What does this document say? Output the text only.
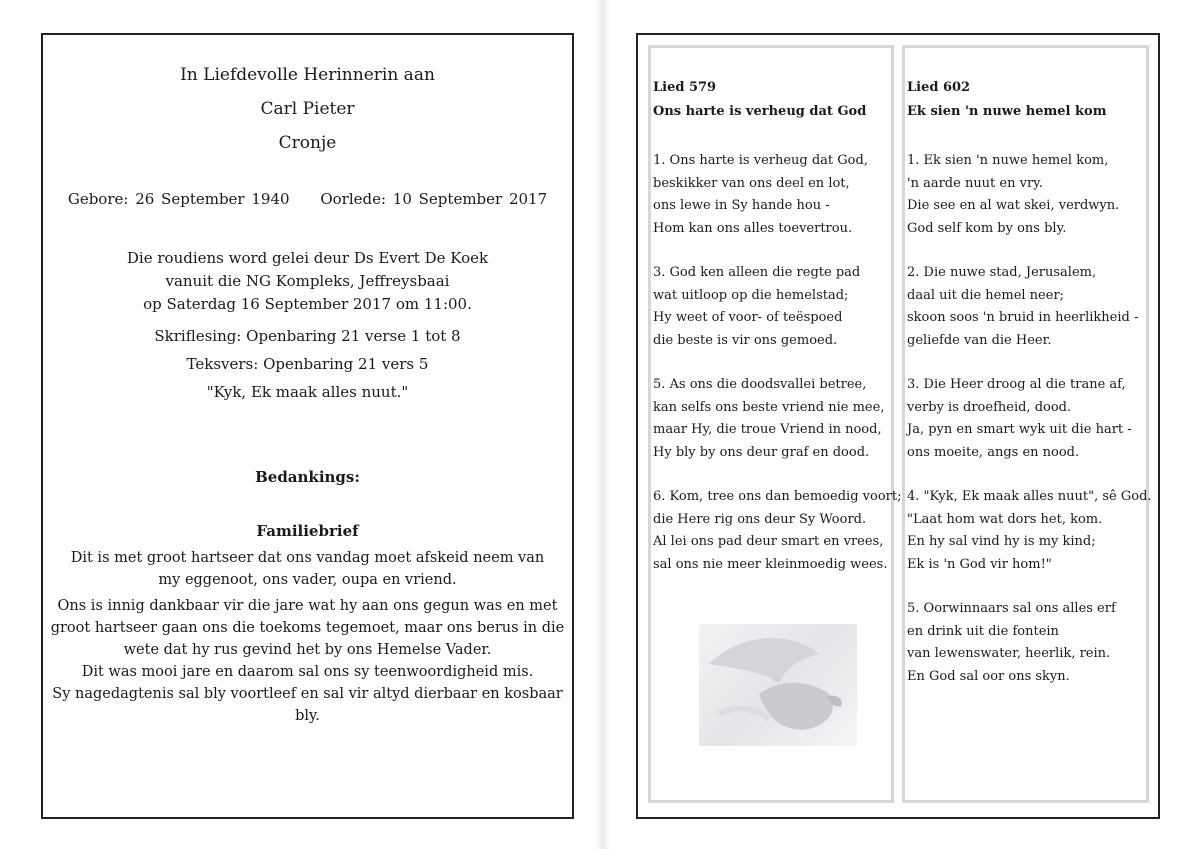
In Liefdevolle Herinnerin aan
Carl Pieter
Cronje
Gebore: 26 September 1940 Oorlede: 10 September 2017
Die roudiens word gelei deur Ds Evert De Koek
vanuit die NG Kompleks, Jeffreysbaai
op Saterdag 16 September 2017 om 11:00.
Skriflesing: Openbaring 21 verse 1 tot 8
Teksvers: Openbaring 21 vers 5
"Kyk, Ek maak alles nuut."
Bedankings:
Familiebrief
Dit is met groot hartseer dat ons vandag moet afskeid neem van
my eggenoot, ons vader, oupa en vriend.
Ons is innig dankbaar vir die jare wat hy aan ons gegun was en met
groot hartseer gaan ons die toekoms tegemoet, maar ons berus in die
wete dat hy rus gevind het by ons Hemelse Vader.
Dit was mooi jare en daarom sal ons sy teenwoordigheid mis.
Sy nagedagtenis sal bly voortleef en sal vir altyd dierbaar en kosbaar bly.
Lied 579
Ons harte is verheug dat God
1. Ons harte is verheug dat God,
beskikker van ons deel en lot,
ons lewe in Sy hande hou -
Hom kan ons alles toevertrou.
3. God ken alleen die regte pad
wat uitloop op die hemelstad;
Hy weet of voor- of teëspoed
die beste is vir ons gemoed.
5. As ons die doodsvallei betree,
kan selfs ons beste vriend nie mee,
maar Hy, die troue Vriend in nood,
Hy bly by ons deur graf en dood.
6. Kom, tree ons dan bemoedig voort;
die Here rig ons deur Sy Woord.
Al lei ons pad deur smart en vrees,
sal ons nie meer kleinmoedig wees.
Lied 602
Ek sien 'n nuwe hemel kom
1. Ek sien 'n nuwe hemel kom,
'n aarde nuut en vry.
Die see en al wat skei, verdwyn.
God self kom by ons bly.
2. Die nuwe stad, Jerusalem,
daal uit die hemel neer;
skoon soos 'n bruid in heerlikheid -
geliefde van die Heer.
3. Die Heer droog al die trane af,
verby is droefheid, dood.
Ja, pyn en smart wyk uit die hart -
ons moeite, angs en nood.
4. "Kyk, Ek maak alles nuut", sê God.
"Laat hom wat dors het, kom.
En hy sal vind hy is my kind;
Ek is 'n God vir hom!"
5. Oorwinnaars sal ons alles erf
en drink uit die fontein
van lewenswater, heerlik, rein.
En God sal oor ons skyn.
